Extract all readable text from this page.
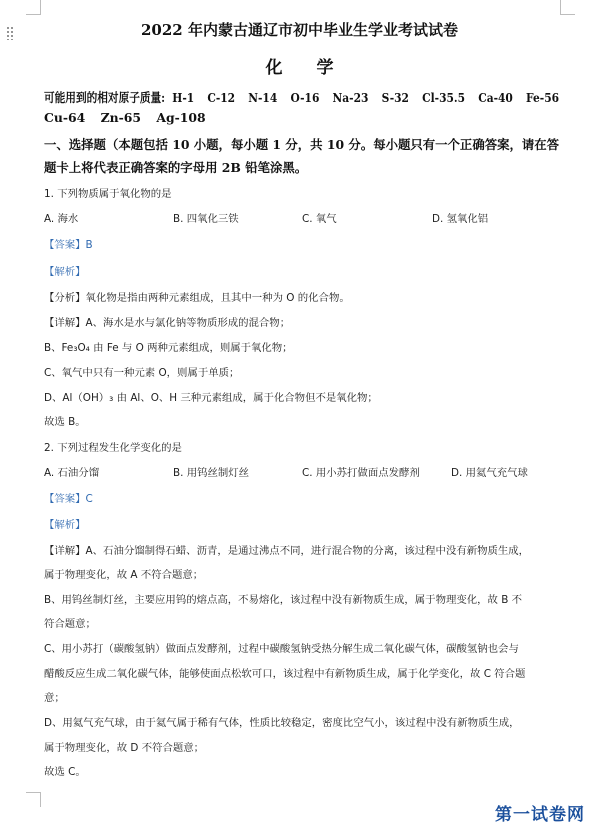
2022 年内蒙古通辽市初中毕业生学业考试试卷
化 学
可能用到的相对原子质量: H-1 C-12 N-14 O-16 Na-23 S-32 Cl-35.5 Ca-40 Fe-56
Cu-64 Zn-65 Ag-108
一、选择题（本题包括 10 小题，每小题 1 分，共 10 分。每小题只有一个正确答案，请在答
题卡上将代表正确答案的字母用 2B 铅笔涂黑。
1. 下列物质属于氧化物的是
A. 海水	B. 四氧化三铁	C. 氧气	D. 氢氧化铝
【答案】B
【解析】
【分析】氧化物是指由两种元素组成，且其中一种为 O 的化合物。
【详解】A、海水是水与氯化钠等物质形成的混合物；
B、Fe₃O₄ 由 Fe 与 O 两种元素组成，则属于氧化物；
C、氧气中只有一种元素 O，则属于单质；
D、Al（OH）₃ 由 Al、O、H 三种元素组成，属于化合物但不是氧化物；
故选 B。
2. 下列过程发生化学变化的是
A. 石油分馏	B. 用钨丝制灯丝	C. 用小苏打做面点发酵剂	D. 用氦气充气球
【答案】C
【解析】
【详解】A、石油分馏制得石蜡、沥青，是通过沸点不同，进行混合物的分离，该过程中没有新物质生成，
属于物理变化，故 A 不符合题意；
B、用钨丝制灯丝，主要应用钨的熔点高，不易熔化，该过程中没有新物质生成，属于物理变化，故 B 不
符合题意；
C、用小苏打（碳酸氢钠）做面点发酵剂，过程中碳酸氢钠受热分解生成二氧化碳气体，碳酸氢钠也会与
醋酸反应生成二氧化碳气体，能够使面点松软可口，该过程中有新物质生成，属于化学变化，故 C 符合题
意；
D、用氦气充气球，由于氦气属于稀有气体，性质比较稳定，密度比空气小，该过程中没有新物质生成，
属于物理变化，故 D 不符合题意；
故选 C。
第一试卷网
